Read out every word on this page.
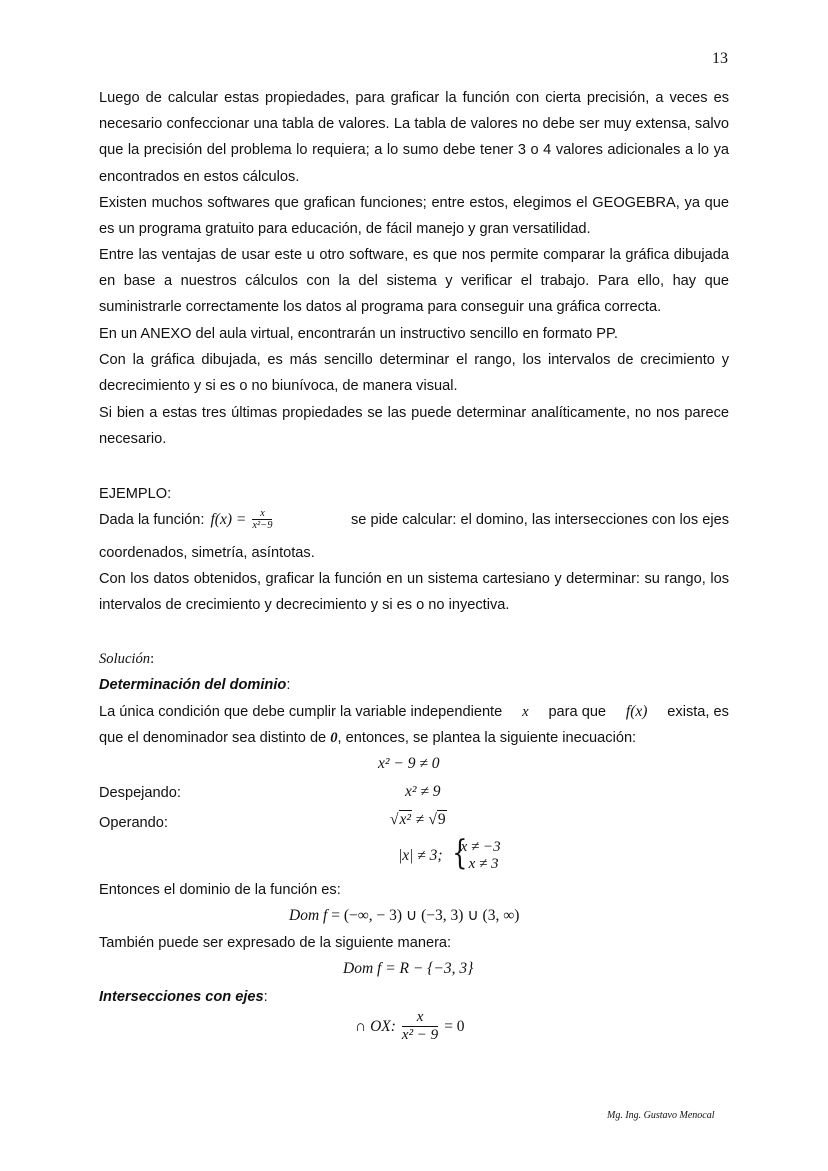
13

Luego de calcular estas propiedades, para graficar la función con cierta precisión, a veces es necesario confeccionar una tabla de valores. La tabla de valores no debe ser muy extensa, salvo que la precisión del problema lo requiera; a lo sumo debe tener 3 o 4 valores adicionales a lo ya encontrados en estos cálculos.

Existen muchos softwares que grafican funciones; entre estos, elegimos el GEOGEBRA, ya que es un programa gratuito para educación, de fácil manejo y gran versatilidad.

Entre las ventajas de usar este u otro software, es que nos permite comparar la gráfica dibujada en base a nuestros cálculos con la del sistema y verificar el trabajo. Para ello, hay que suministrarle correctamente los datos al programa para conseguir una gráfica correcta.

En un ANEXO del aula virtual, encontrarán un instructivo sencillo en formato PP.

Con la gráfica dibujada, es más sencillo determinar el rango, los intervalos de crecimiento y decrecimiento y si es o no biunívoca, de manera visual.

Si bien a estas tres últimas propiedades se las puede determinar analíticamente, no nos parece necesario.

EJEMPLO:
Dada la función: $f(x) = \frac{x}{\text{x²−9}}$	se pide calcular: el domino, las intersecciones con los ejes
coordenados, simetría, asíntotas.

Con los datos obtenidos, graficar la función en un sistema cartesiano y determinar: su rango, los intervalos de crecimiento y decrecimiento y si es o no inyectiva.

Solución:
Determinación del dominio:
La única condición que debe cumplir la variable independiente x para que f(x) exista, es
que el denominador sea distinto de 0, entonces, se plantea la siguiente inecuación:
x² − 9 ≠ 0
Despejando:	x² ≠ 9
Operando:	√x² ≠ √9
|x| ≠ 3; {
x ≠ −3
x ≠ 3
Entonces el dominio de la función es:
Dom f = (−∞, − 3) ∪ (−3, 3) ∪ (3, ∞)
También puede ser expresado de la siguiente manera:
Dom f = R − {−3, 3}
Intersecciones con ejes:
∩ OX: $\frac{x}{\text{x² − 9}} = 0$
Mg. Ing. Gustavo Menocal
